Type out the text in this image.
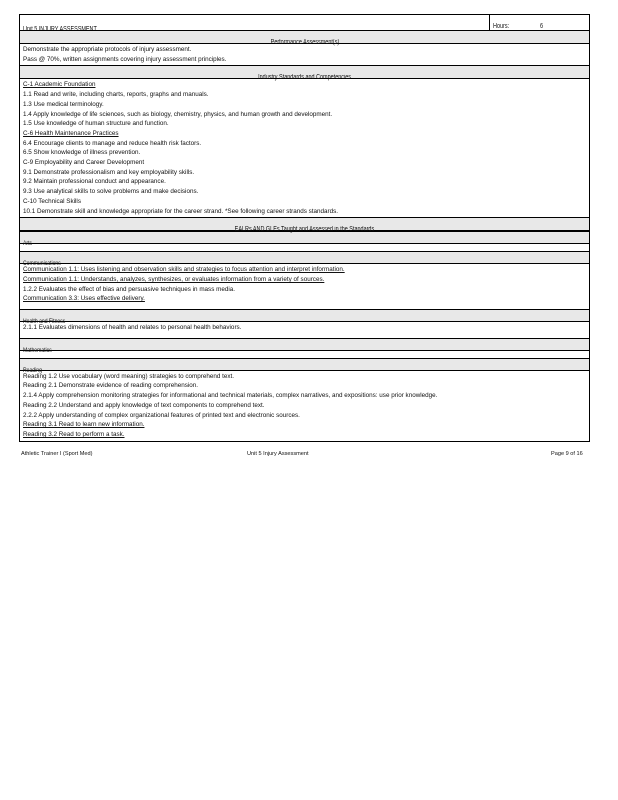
Hours:	6
Performance Assessment(s)
Demonstrate the appropriate protocols of injury assessment.
Pass @ 70%, written assignments covering injury assessment principles.
Industry Standards and Competencies
C-1 Academic Foundation
1.1 Read and write, including charts, reports, graphs and manuals.
1.3 Use medical terminology.
1.4 Apply knowledge of life sciences, such as biology, chemistry, physics, and human growth and development.
1.5 Use knowledge of human structure and function.
C-6 Health Maintenance Practices
6.4 Encourage clients to manage and reduce health risk factors.
6.5 Show knowledge of illness prevention.
C-9 Employability and Career Development
9.1 Demonstrate professionalism and key employability skills.
9.2 Maintain professional conduct and appearance.
9.3 Use analytical skills to solve problems and make decisions.
C-10 Technical Skills
10.1 Demonstrate skill and knowledge appropriate for the career strand. *See following career strands standards.
EALRs AND GLEs Taught and Assessed in the Standards
Arts
Communications
Communication 1.1: Uses listening and observation skills and strategies to focus attention and interpret information.
Communication 1.1: Understands, analyzes, synthesizes, or evaluates information from a variety of sources.
1.2.2 Evaluates the effect of bias and persuasive techniques in mass media.
Communication 3.3: Uses effective delivery.
Health and Fitness
2.1.1 Evaluates dimensions of health and relates to personal health behaviors.
Mathematics
Reading
Reading 1.2 Use vocabulary (word meaning) strategies to comprehend text.
Reading 2.1 Demonstrate evidence of reading comprehension.
2.1.4 Apply comprehension monitoring strategies for informational and technical materials, complex narratives, and expositions: use prior knowledge.
Reading 2.2 Understand and apply knowledge of text components to comprehend text.
2.2.2 Apply understanding of complex organizational features of printed text and electronic sources.
Reading 3.1 Read to learn new information.
Reading 3.2 Read to perform a task.
Athletic Trainer I (Sport Med)	Unit 5 Injury Assessment	Page 9 of 16
